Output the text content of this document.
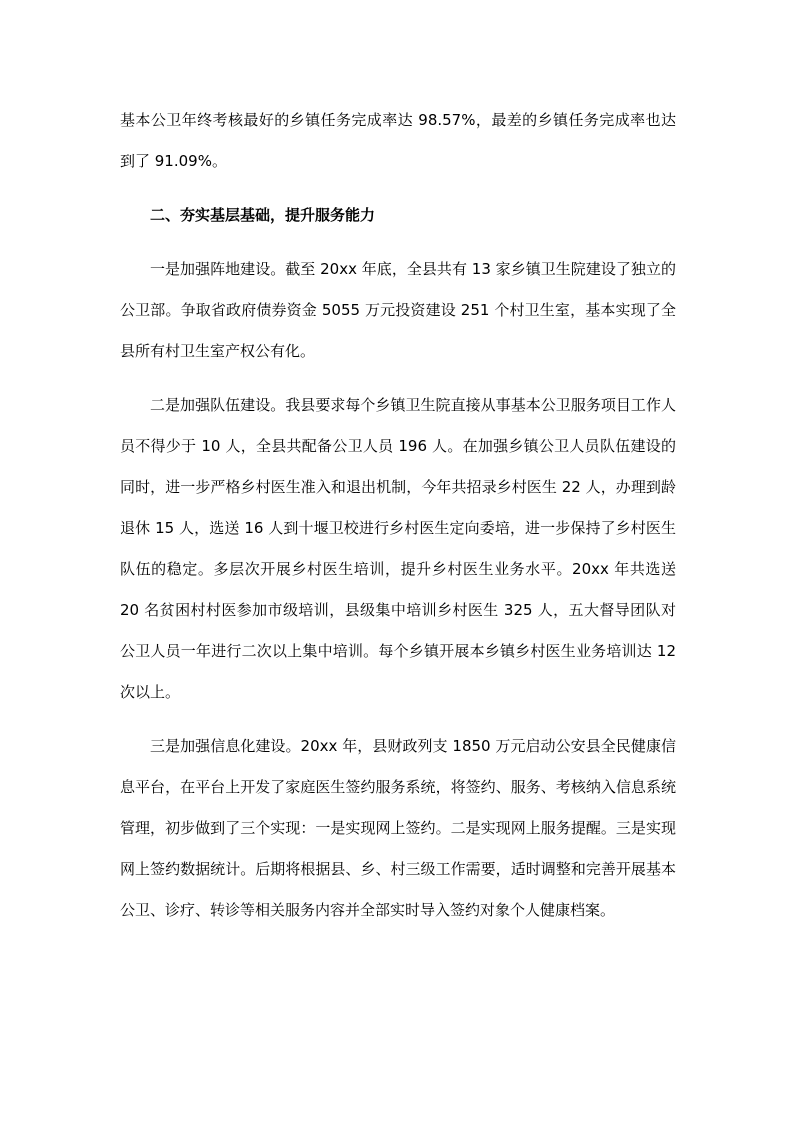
基本公卫年终考核最好的乡镇任务完成率达 98.57%，最差的乡镇任务完成率也达到了 91.09%。

二、夯实基层基础，提升服务能力

一是加强阵地建设。截至 20xx 年底，全县共有 13 家乡镇卫生院建设了独立的公卫部。争取省政府债券资金 5055 万元投资建设 251 个村卫生室，基本实现了全县所有村卫生室产权公有化。

二是加强队伍建设。我县要求每个乡镇卫生院直接从事基本公卫服务项目工作人员不得少于 10 人，全县共配备公卫人员 196 人。在加强乡镇公卫人员队伍建设的同时，进一步严格乡村医生准入和退出机制，今年共招录乡村医生 22 人，办理到龄退休 15 人，选送 16 人到十堰卫校进行乡村医生定向委培，进一步保持了乡村医生队伍的稳定。多层次开展乡村医生培训，提升乡村医生业务水平。20xx 年共选送 20 名贫困村村医参加市级培训，县级集中培训乡村医生 325 人，五大督导团队对公卫人员一年进行二次以上集中培训。每个乡镇开展本乡镇乡村医生业务培训达 12 次以上。

三是加强信息化建设。20xx 年，县财政列支 1850 万元启动公安县全民健康信息平台，在平台上开发了家庭医生签约服务系统，将签约、服务、考核纳入信息系统管理，初步做到了三个实现：一是实现网上签约。二是实现网上服务提醒。三是实现网上签约数据统计。后期将根据县、乡、村三级工作需要，适时调整和完善开展基本公卫、诊疗、转诊等相关服务内容并全部实时导入签约对象个人健康档案。
